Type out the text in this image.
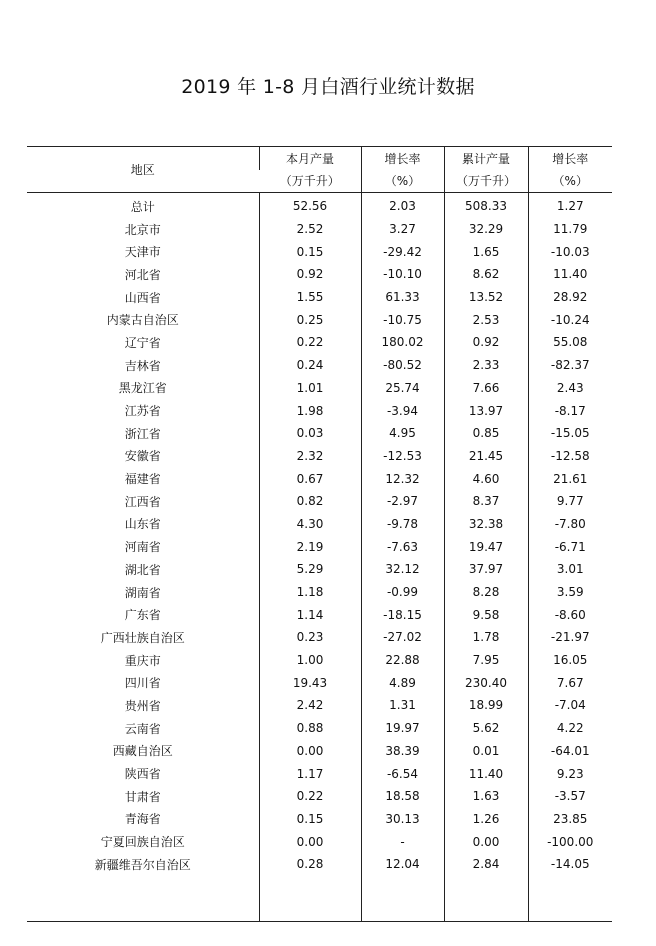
2019 年 1-8 月白酒行业统计数据
地区	本月产量	增长率	累计产量	增长率
	（万千升）	（%）	（万千升）	（%）
总计	52.56	2.03	508.33	1.27
北京市	2.52	3.27	32.29	11.79
天津市	0.15	-29.42	1.65	-10.03
河北省	0.92	-10.10	8.62	11.40
山西省	1.55	61.33	13.52	28.92
内蒙古自治区	0.25	-10.75	2.53	-10.24
辽宁省	0.22	180.02	0.92	55.08
吉林省	0.24	-80.52	2.33	-82.37
黑龙江省	1.01	25.74	7.66	2.43
江苏省	1.98	-3.94	13.97	-8.17
浙江省	0.03	4.95	0.85	-15.05
安徽省	2.32	-12.53	21.45	-12.58
福建省	0.67	12.32	4.60	21.61
江西省	0.82	-2.97	8.37	9.77
山东省	4.30	-9.78	32.38	-7.80
河南省	2.19	-7.63	19.47	-6.71
湖北省	5.29	32.12	37.97	3.01
湖南省	1.18	-0.99	8.28	3.59
广东省	1.14	-18.15	9.58	-8.60
广西壮族自治区	0.23	-27.02	1.78	-21.97
重庆市	1.00	22.88	7.95	16.05
四川省	19.43	4.89	230.40	7.67
贵州省	2.42	1.31	18.99	-7.04
云南省	0.88	19.97	5.62	4.22
西藏自治区	0.00	38.39	0.01	-64.01
陕西省	1.17	-6.54	11.40	9.23
甘肃省	0.22	18.58	1.63	-3.57
青海省	0.15	30.13	1.26	23.85
宁夏回族自治区	0.00	-	0.00	-100.00
新疆维吾尔自治区	0.28	12.04	2.84	-14.05
